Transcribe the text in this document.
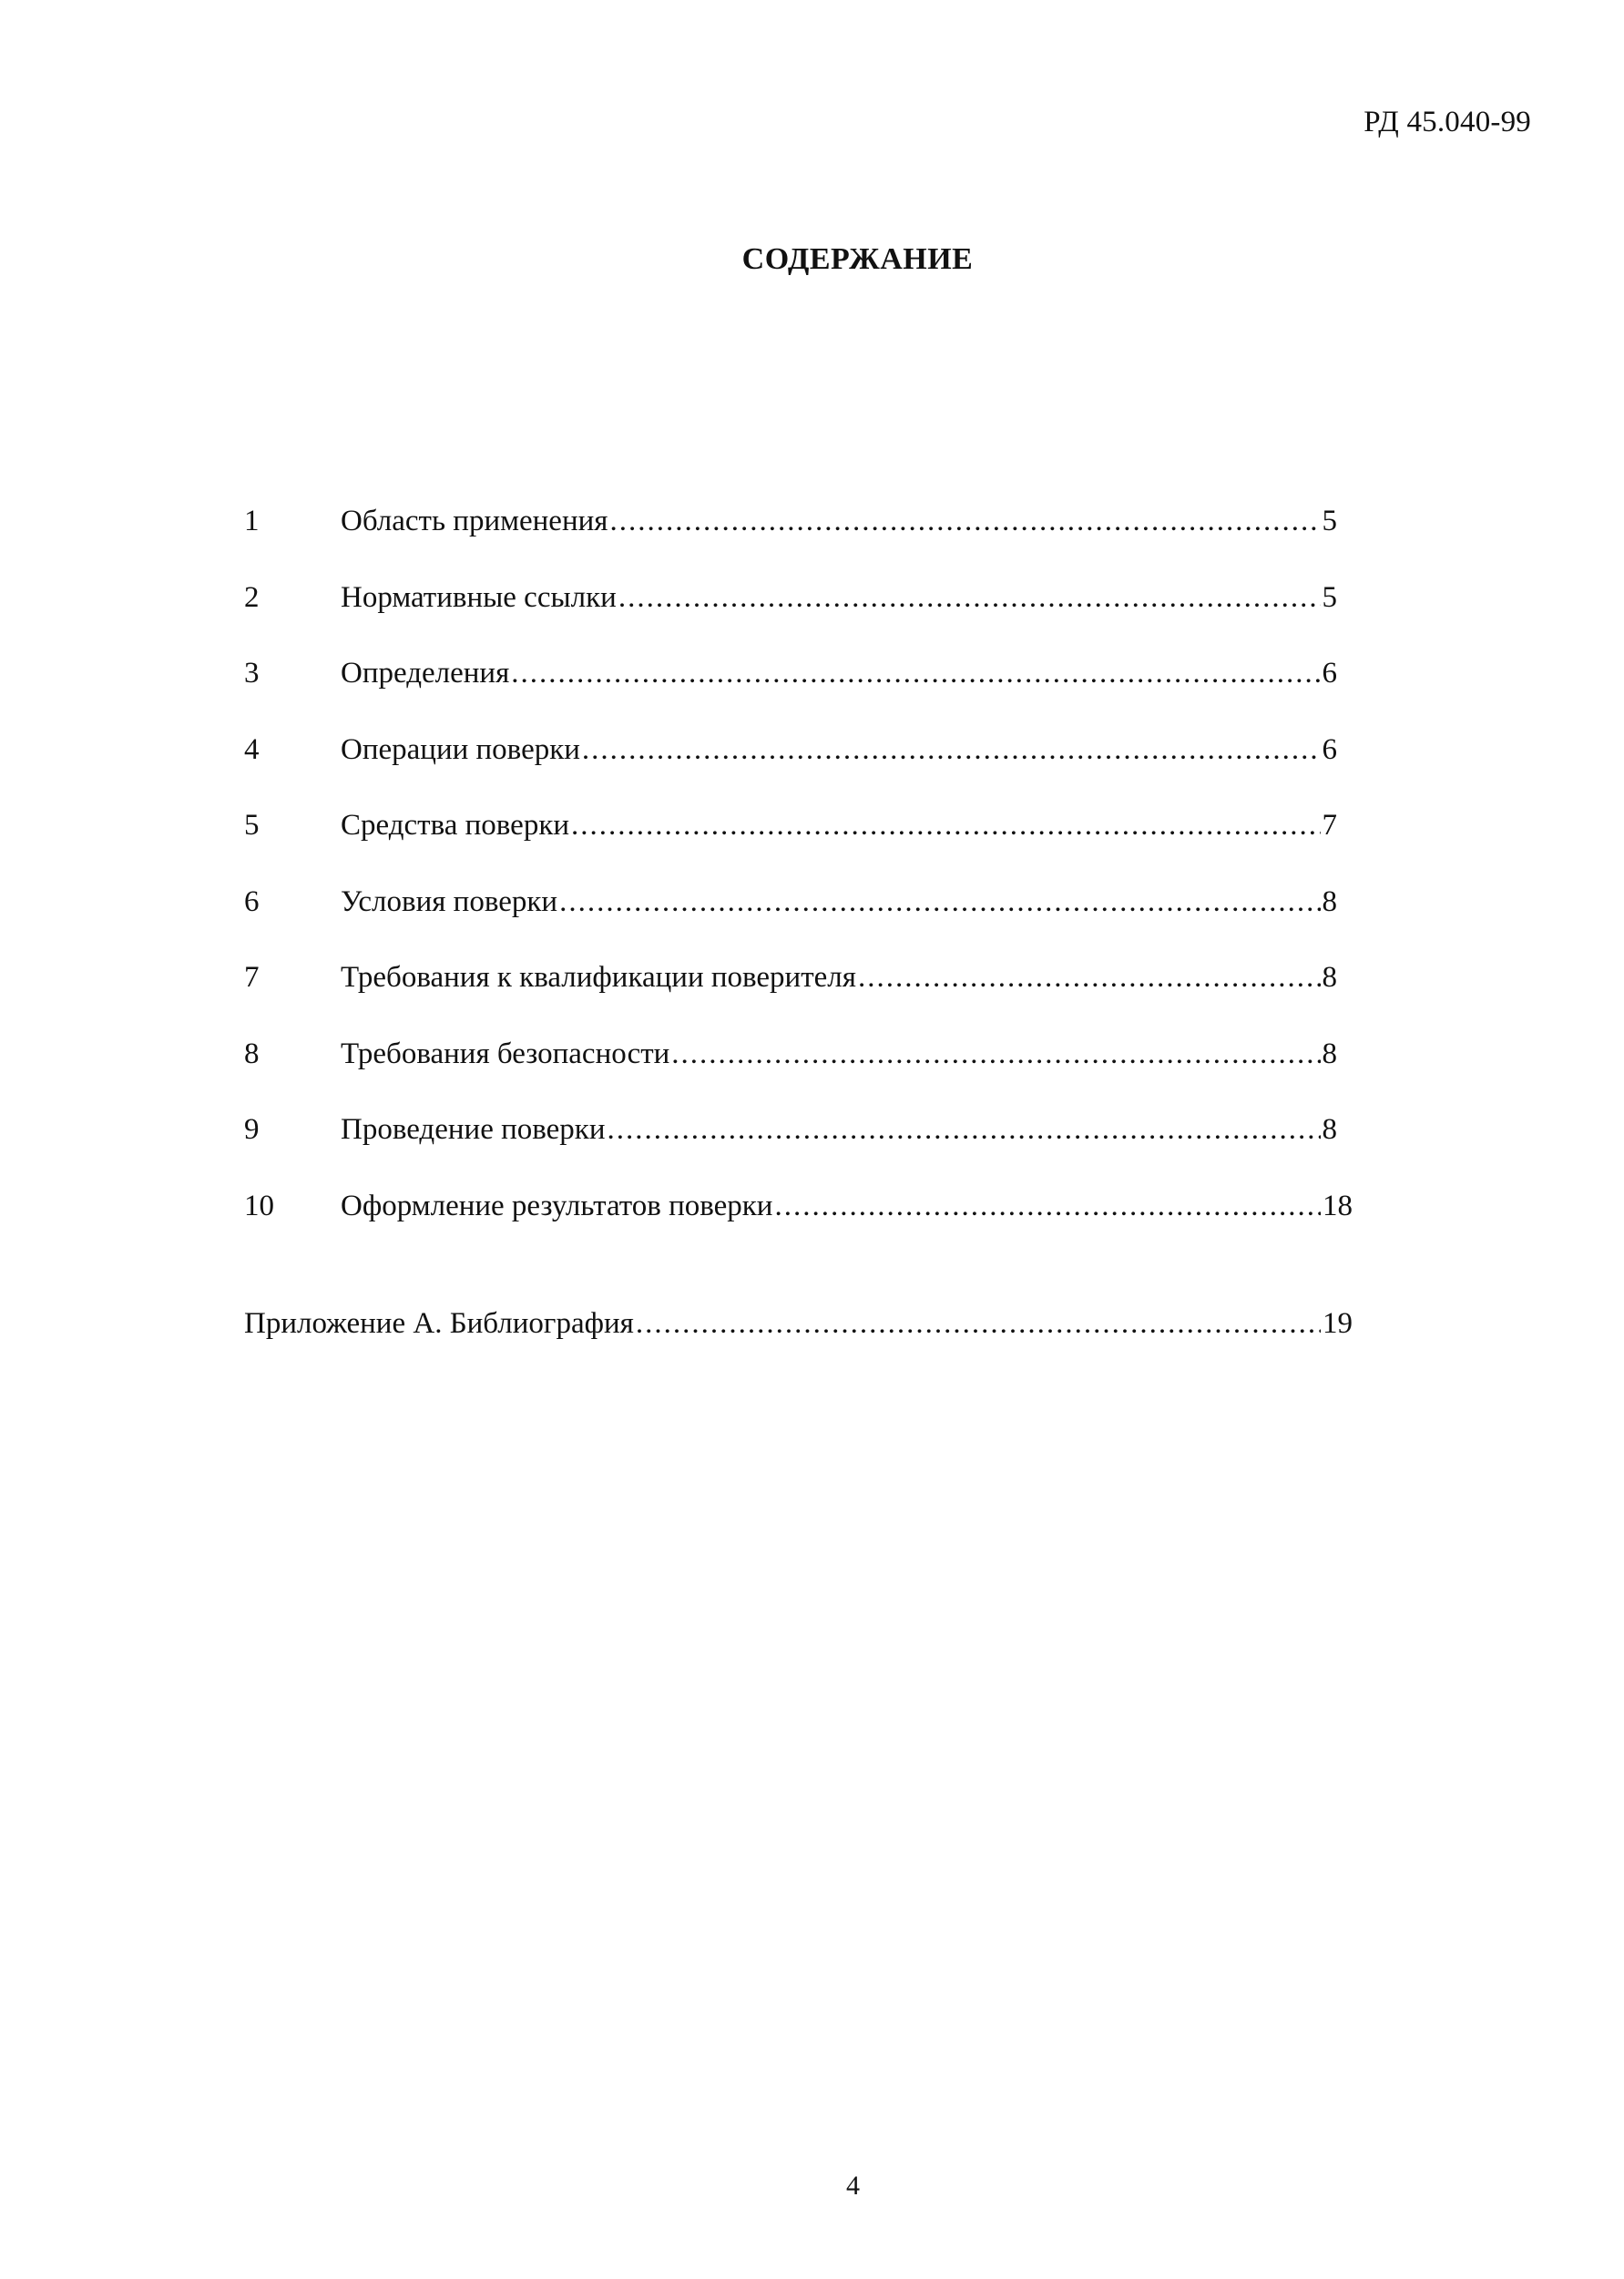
РД 45.040-99
СОДЕРЖАНИЕ
1	Область применения .....	5
2	Нормативные ссылки .....	5
3	Определения .....	6
4	Операции поверки .....	6
5	Средства поверки .....	7
6	Условия поверки .....	8
7	Требования к квалификации поверителя .....	8
8	Требования безопасности .....	8
9	Проведение поверки .....	8
10	Оформление результатов поверки .....	18
Приложение А. Библиография .....	19
4
